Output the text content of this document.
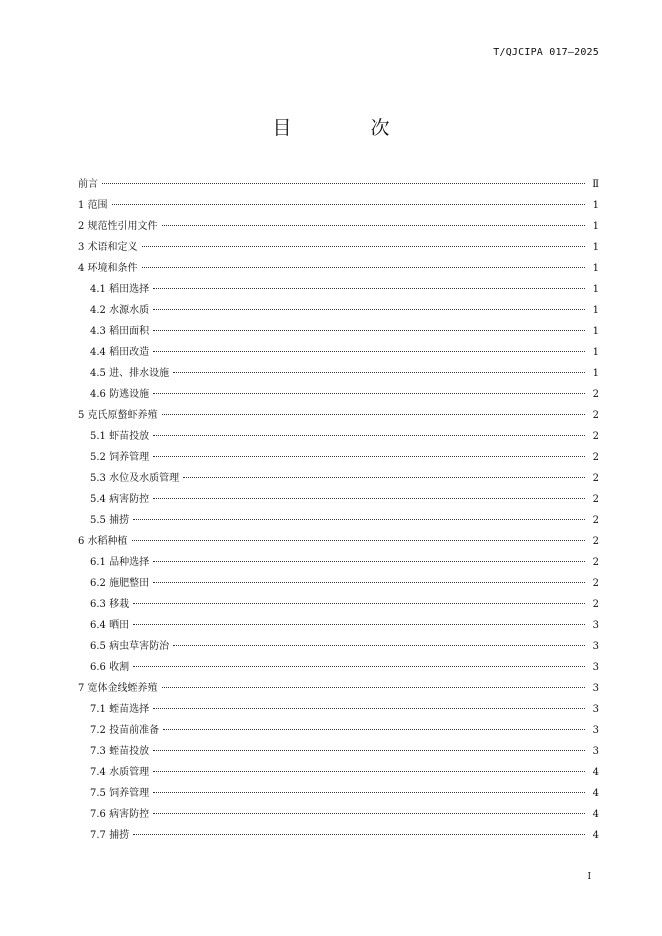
T/QJCIPA 017—2025
目　次
前言	Ⅱ
1 范围	1
2 规范性引用文件	1
3 术语和定义	1
4 环境和条件	1
4.1 稻田选择	1
4.2 水源水质	1
4.3 稻田面积	1
4.4 稻田改造	1
4.5 进、排水设施	1
4.6 防逃设施	2
5 克氏原螯虾养殖	2
5.1 虾苗投放	2
5.2 饲养管理	2
5.3 水位及水质管理	2
5.4 病害防控	2
5.5 捕捞	2
6 水稻种植	2
6.1 品种选择	2
6.2 施肥整田	2
6.3 移栽	2
6.4 晒田	3
6.5 病虫草害防治	3
6.6 收割	3
7 宽体金线蛭养殖	3
7.1 蛭苗选择	3
7.2 投苗前准备	3
7.3 蛭苗投放	3
7.4 水质管理	4
7.5 饲养管理	4
7.6 病害防控	4
7.7 捕捞	4
I
